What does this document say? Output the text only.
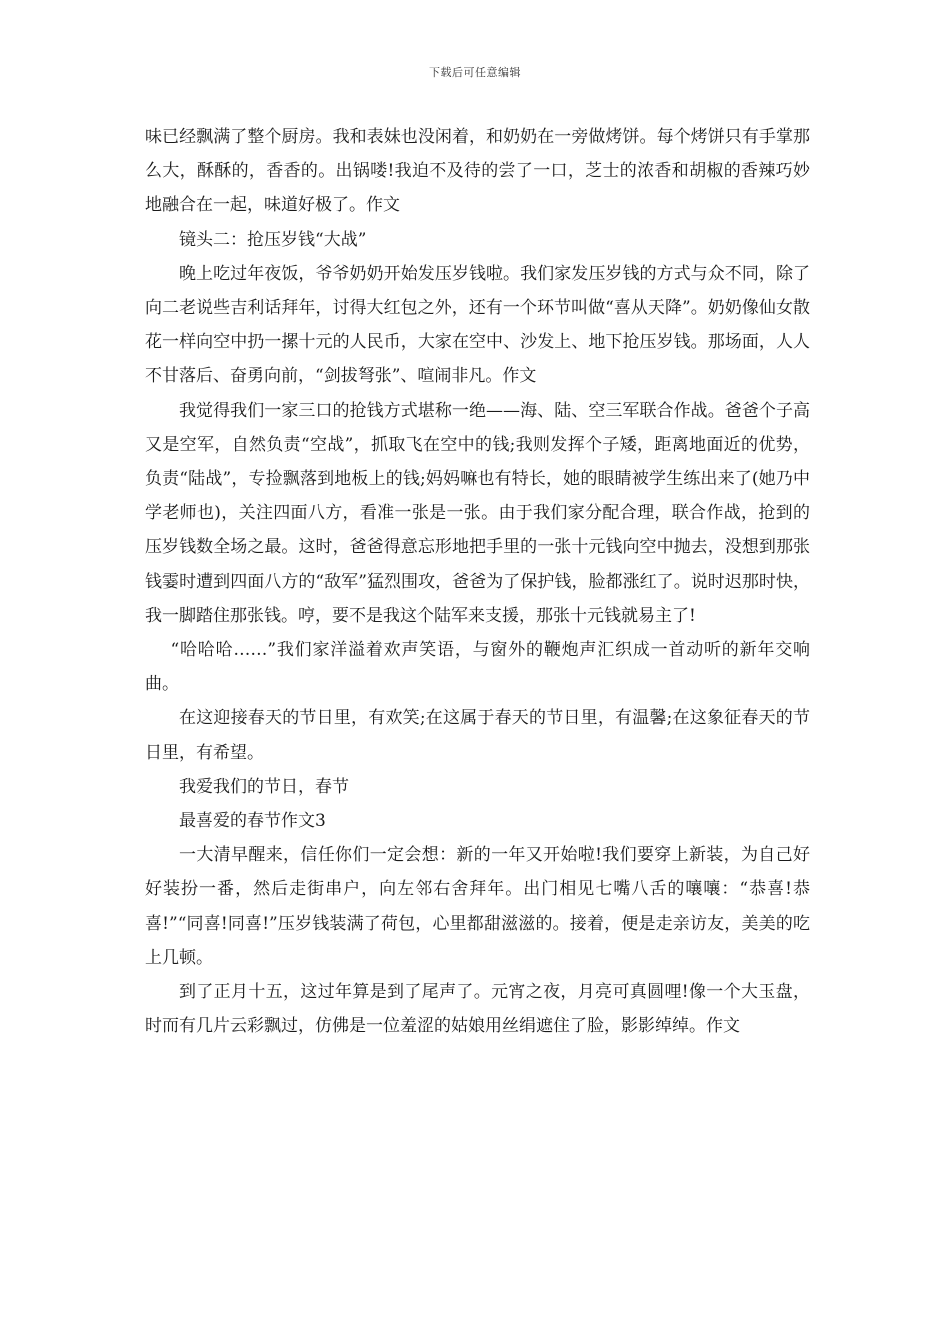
下载后可任意编辑

味已经飘满了整个厨房。我和表妹也没闲着，和奶奶在一旁做烤饼。每个烤饼只有手掌那么大，酥酥的，香香的。出锅喽!我迫不及待的尝了一口，芝士的浓香和胡椒的香辣巧妙地融合在一起，味道好极了。作文

镜头二：抢压岁钱“大战”

晚上吃过年夜饭，爷爷奶奶开始发压岁钱啦。我们家发压岁钱的方式与众不同，除了向二老说些吉利话拜年，讨得大红包之外，还有一个环节叫做“喜从天降”。奶奶像仙女散花一样向空中扔一摞十元的人民币，大家在空中、沙发上、地下抢压岁钱。那场面，人人不甘落后、奋勇向前，“剑拔弩张”、喧闹非凡。作文

我觉得我们一家三口的抢钱方式堪称一绝——海、陆、空三军联合作战。爸爸个子高又是空军，自然负责“空战”，抓取飞在空中的钱;我则发挥个子矮，距离地面近的优势，负责“陆战”，专捡飘落到地板上的钱;妈妈嘛也有特长，她的眼睛被学生练出来了(她乃中学老师也)，关注四面八方，看准一张是一张。由于我们家分配合理，联合作战，抢到的压岁钱数全场之最。这时，爸爸得意忘形地把手里的一张十元钱向空中抛去，没想到那张钱霎时遭到四面八方的“敌军”猛烈围攻，爸爸为了保护钱，脸都涨红了。说时迟那时快，我一脚踏住那张钱。哼，要不是我这个陆军来支援，那张十元钱就易主了!

“哈哈哈……”我们家洋溢着欢声笑语，与窗外的鞭炮声汇织成一首动听的新年交响曲。

在这迎接春天的节日里，有欢笑;在这属于春天的节日里，有温馨;在这象征春天的节日里，有希望。

我爱我们的节日，春节

最喜爱的春节作文3

一大清早醒来，信任你们一定会想：新的一年又开始啦!我们要穿上新装，为自己好好装扮一番，然后走街串户，向左邻右舍拜年。出门相见七嘴八舌的嚷嚷：“恭喜!恭喜!”“同喜!同喜!”压岁钱装满了荷包，心里都甜滋滋的。接着，便是走亲访友，美美的吃上几顿。

到了正月十五，这过年算是到了尾声了。元宵之夜，月亮可真圆哩!像一个大玉盘，时而有几片云彩飘过，仿佛是一位羞涩的姑娘用丝绢遮住了脸，影影绰绰。作文
